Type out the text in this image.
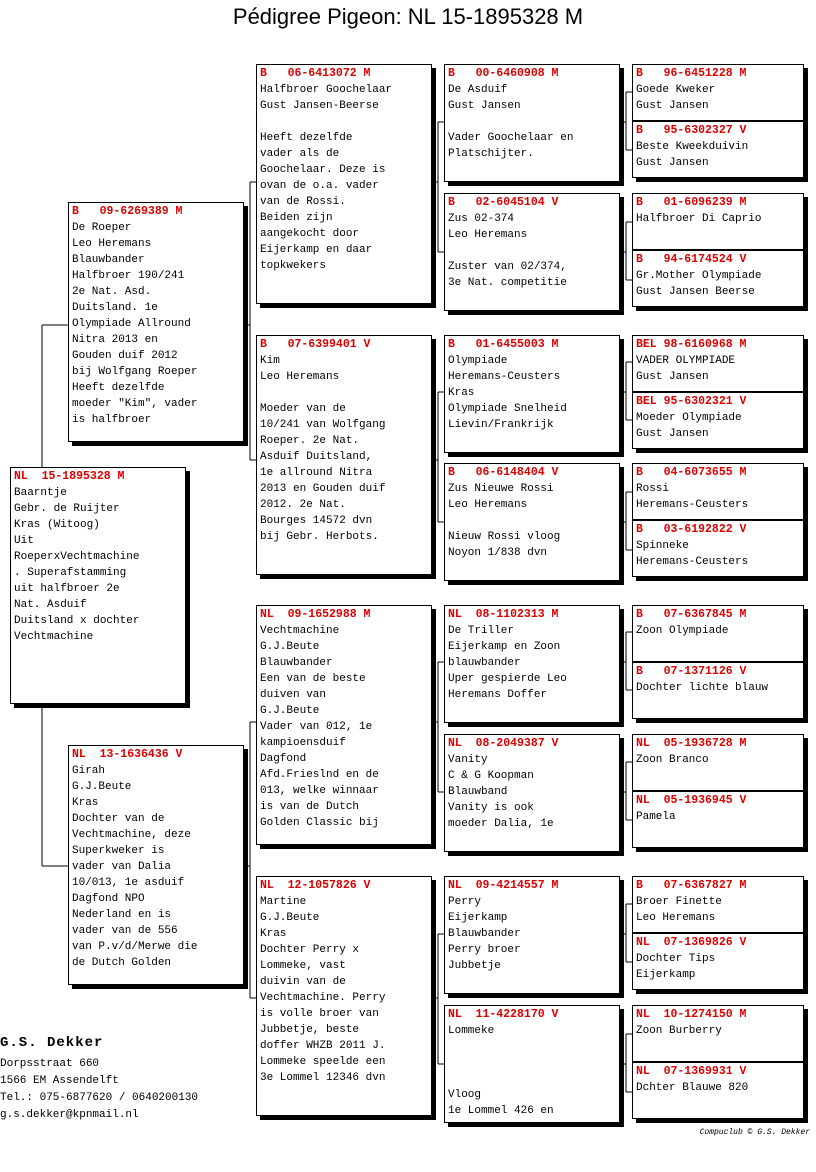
Pédigree Pigeon: NL 15-1895328 M
NL  15-1895328 M
Baarntje
Gebr. de Ruijter
Kras (Witoog)
Uit
RoeperxVechtmachine
. Superafstamming
uit halfbroer 2e
Nat. Asduif
Duitsland x dochter
Vechtmachine
B   09-6269389 M
De Roeper
Leo Heremans
Blauwbander
Halfbroer 190/241
2e Nat. Asd.
Duitsland. 1e
Olympiade Allround
Nitra 2013 en
Gouden duif 2012
bij Wolfgang Roeper
Heeft dezelfde
moeder "Kim", vader
is halfbroer
NL  13-1636436 V
Girah
G.J.Beute
Kras
Dochter van de
Vechtmachine, deze
Superkweker is
vader van Dalia
10/013, 1e asduif
Dagfond NPO
Nederland en is
vader van de 556
van P.v/d/Merwe die
de Dutch Golden
B   06-6413072 M
Halfbroer Goochelaar
Gust Jansen-Beerse

Heeft dezelfde
vader als de
Goochelaar. Deze is
ovan de o.a. vader
van de Rossi.
Beiden zijn
aangekocht door
Eijerkamp en daar
topkwekers
B   07-6399401 V
Kim
Leo Heremans

Moeder van de
10/241 van Wolfgang
Roeper. 2e Nat.
Asduif Duitsland,
1e allround Nitra
2013 en Gouden duif
2012. 2e Nat.
Bourges 14572 dvn
bij Gebr. Herbots.
NL  09-1652988 M
Vechtmachine
G.J.Beute
Blauwbander
Een van de beste
duiven van
G.J.Beute
Vader van 012, 1e
kampioensduif
Dagfond
Afd.Frieslnd en de
013, welke winnaar
is van de Dutch
Golden Classic bij
NL  12-1057826 V
Martine
G.J.Beute
Kras
Dochter Perry x
Lommeke, vast
duivin van de
Vechtmachine. Perry
is volle broer van
Jubbetje, beste
doffer WHZB 2011 J.
Lommeke speelde een
3e Lommel 12346 dvn
B   00-6460908 M
De Asduif
Gust Jansen

Vader Goochelaar en
Platschijter.
B   02-6045104 V
Zus 02-374
Leo Heremans

Zuster van 02/374,
3e Nat. competitie
B   01-6455003 M
Olympiade
Heremans-Ceusters
Kras
Olympiade Snelheid
Lievin/Frankrijk
B   06-6148404 V
Zus Nieuwe Rossi
Leo Heremans

Nieuw Rossi vloog
Noyon 1/838 dvn
NL  08-1102313 M
De Triller
Eijerkamp en Zoon
blauwbander
Uper gespierde Leo
Heremans Doffer
NL  08-2049387 V
Vanity
C & G Koopman
Blauwband
Vanity is ook
moeder Dalia, 1e
NL  09-4214557 M
Perry
Eijerkamp
Blauwbander
Perry broer
Jubbetje
NL  11-4228170 V
Lommeke

Vloog
1e Lommel 426 en
B   96-6451228 M
Goede Kweker
Gust Jansen
B   95-6302327 V
Beste Kweekduivin
Gust Jansen
B   01-6096239 M
Halfbroer Di Caprio
B   94-6174524 V
Gr.Mother Olympiade
Gust Jansen Beerse
BEL 98-6160968 M
VADER OLYMPIADE
Gust Jansen
BEL 95-6302321 V
Moeder Olympiade
Gust Jansen
B   04-6073655 M
Rossi
Heremans-Ceusters
B   03-6192822 V
Spinneke
Heremans-Ceusters
B   07-6367845 M
Zoon Olympiade
B   07-1371126 V
Dochter lichte blauw
NL  05-1936728 M
Zoon Branco
NL  05-1936945 V
Pamela
B   07-6367827 M
Broer Finette
Leo Heremans
NL  07-1369826 V
Dochter Tips
Eijerkamp
NL  10-1274150 M
Zoon Burberry
NL  07-1369931 V
Dchter Blauwe 820
G.S. Dekker
Dorpsstraat 660
1566 EM Assendelft
Tel.: 075-6877620 / 0640200130
g.s.dekker@kpnmail.nl
Compuclub © G.S. Dekker
